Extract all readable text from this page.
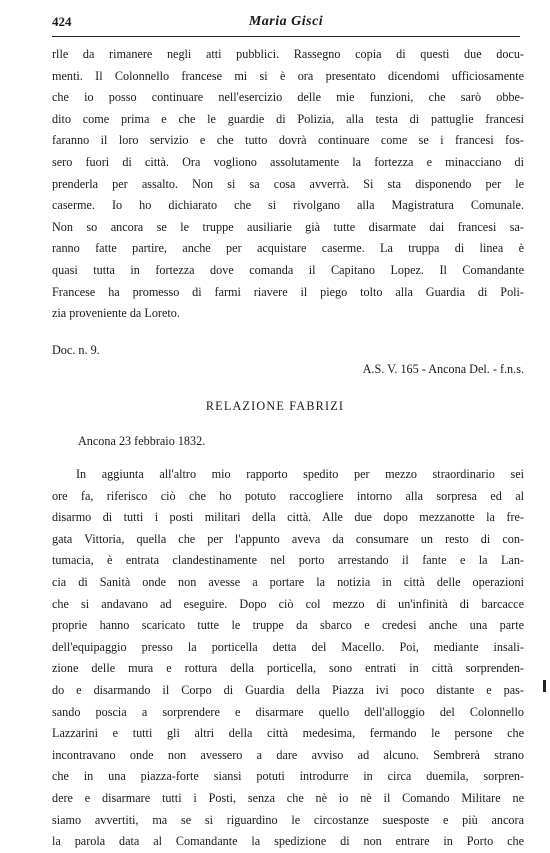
424	Maria Gisci
rlle da rimanere negli atti pubblici. Rassegno copia di questi due docu-
menti. Il Colonnello francese mi si è ora presentato dicendomi ufficiosamente
che io posso continuare nell'esercizio delle mie funzioni, che sarò obbe-
dito come prima e che le guardie di Polizia, alla testa di pattuglie francesi
faranno il loro servizio e che tutto dovrà continuare come se i francesi fos-
sero fuori di città. Ora vogliono assolutamente la fortezza e minacciano di
prenderla per assalto. Non si sa cosa avverrà. Si sta disponendo per le
caserme. Io ho dichiarato che si rivolgano alla Magistratura Comunale.
Non so ancora se le truppe ausiliarie già tutte disarmate dai francesi sa-
ranno fatte partire, anche per acquistare caserme. La truppa di linea è
quasi tutta in fortezza dove comanda il Capitano Lopez. Il Comandante
Francese ha promesso di farmi riavere il piego tolto alla Guardia di Poli-
zia proveniente da Loreto.
Doc. n. 9.
A.S. V. 165 - Ancona Del. - f.n.s.
RELAZIONE FABRIZI
Ancona 23 febbraio 1832.
In aggiunta all'altro mio rapporto spedito per mezzo straordinario sei
ore fa, riferisco ciò che ho potuto raccogliere intorno alla sorpresa ed al
disarmo di tutti i posti militari della città. Alle due dopo mezzanotte la fre-
gata Vittoria, quella che per l'appunto aveva da consumare un resto di con-
tumacia, è entrata clandestinamente nel porto arrestando il fante e la Lan-
cia di Sanità onde non avesse a portare la notizia in città delle operazioni
che si andavano ad eseguire. Dopo ciò col mezzo di un'infinità di barcacce
proprie hanno scaricato tutte le truppe da sbarco e credesi anche una parte
dell'equipaggio presso la porticella detta del Macello. Poi, mediante insali-
zione delle mura e rottura della porticella, sono entrati in città sorprenden-
do e disarmando il Corpo di Guardia della Piazza ivi poco distante e pas-
sando poscia a sorprendere e disarmare quello dell'alloggio del Colonnello
Lazzarini e tutti gli altri della città medesima, fermando le persone che
incontravano onde non avessero a dare avviso ad alcuno. Sembrerà strano
che in una piazza-forte siansi potuti introdurre in circa duemila, sorpren-
dere e disarmare tutti i Posti, senza che nè io nè il Comando Militare ne
siamo avvertiti, ma se si riguardino le circostanze suesposte e più ancora
la parola data al Comandante la spedizione di non entrare in Porto che
